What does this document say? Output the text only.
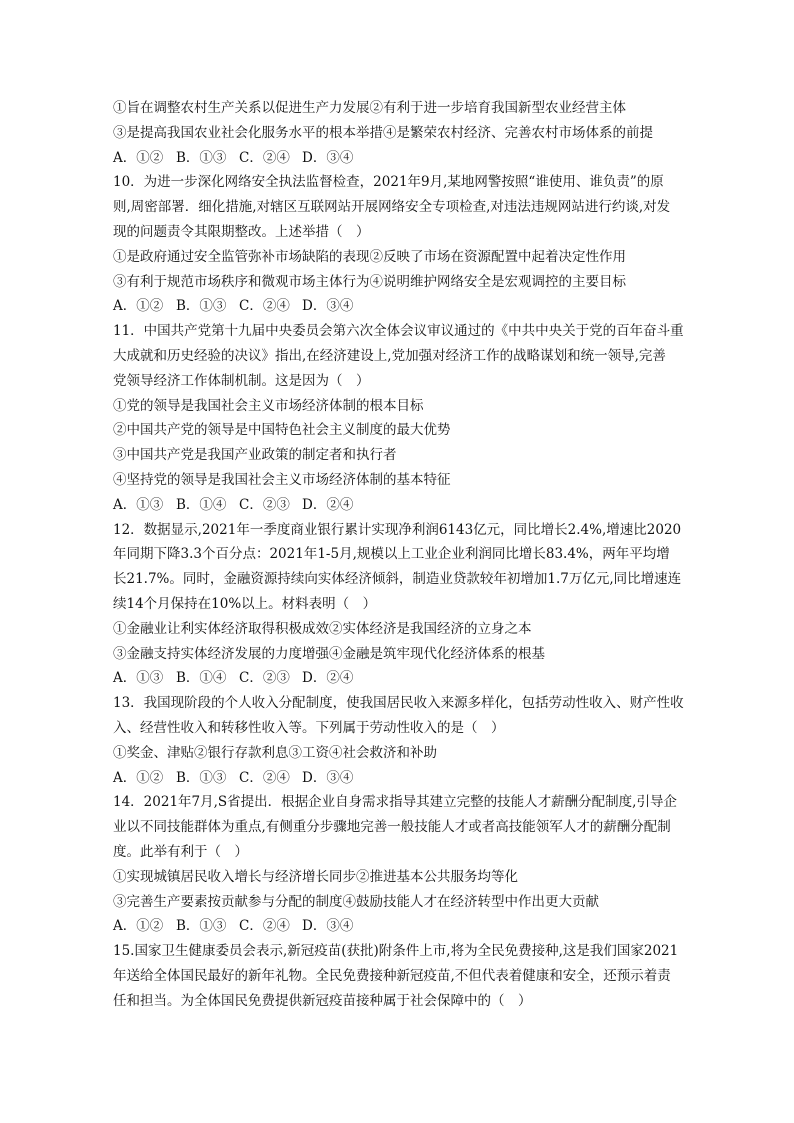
①旨在调整农村生产关系以促进生产力发展②有利于进一步培育我国新型农业经营主体
③是提高我国农业社会化服务水平的根本举措④是繁荣农村经济、完善农村市场体系的前提
A．①② B．①③ C．②④ D．③④
10．为进一步深化网络安全执法监督检查，2021年9月,某地网警按照“谁使用、谁负责”的原
则,周密部署．细化措施,对辖区互联网站开展网络安全专项检查,对违法违规网站进行约谈,对发
现的问题责令其限期整改。上述举措（　）
①是政府通过安全监管弥补市场缺陷的表现②反映了市场在资源配置中起着决定性作用
③有利于规范市场秩序和微观市场主体行为④说明维护网络安全是宏观调控的主要目标
A．①② B．①③ C．②④ D．③④
11．中国共产党第十九届中央委员会第六次全体会议审议通过的《中共中央关于党的百年奋斗重
大成就和历史经验的决议》指出,在经济建设上,党加强对经济工作的战略谋划和统一领导,完善
党领导经济工作体制机制。这是因为（　）
①党的领导是我国社会主义市场经济体制的根本目标
②中国共产党的领导是中国特色社会主义制度的最大优势
③中国共产党是我国产业政策的制定者和执行者
④坚持党的领导是我国社会主义市场经济体制的基本特征
A．①③ B．①④ C．②③ D．②④
12．数据显示,2021年一季度商业银行累计实现净利润6143亿元，同比增长2.4%,增速比2020
年同期下降3.3个百分点：2021年1-5月,规模以上工业企业利润同比增长83.4%，两年平均增
长21.7%。同时，金融资源持续向实体经济倾斜，制造业贷款较年初增加1.7万亿元,同比增速连
续14个月保持在10%以上。材料表明（　）
①金融业让利实体经济取得积极成效②实体经济是我国经济的立身之本
③金融支持实体经济发展的力度增强④金融是筑牢现代化经济体系的根基
A．①③ B．①④ C．②③ D．②④
13．我国现阶段的个人收入分配制度，使我国居民收入来源多样化，包括劳动性收入、财产性收
入、经营性收入和转移性收入等。下列属于劳动性收入的是（　）
①奖金、津贴②银行存款利息③工资④社会救济和补助
A．①② B．①③ C．②④ D．③④
14．2021年7月,S省提出．根据企业自身需求指导其建立完整的技能人才薪酬分配制度,引导企
业以不同技能群体为重点,有侧重分步骤地完善一般技能人才或者高技能领军人才的薪酬分配制
度。此举有利于（　）
①实现城镇居民收入增长与经济增长同步②推进基本公共服务均等化
③完善生产要素按贡献参与分配的制度④鼓励技能人才在经济转型中作出更大贡献
A．①② B．①③ C．②④ D．③④
15.国家卫生健康委员会表示,新冠疫苗(获批)附条件上市,将为全民免费接种,这是我们国家2021
年送给全体国民最好的新年礼物。全民免费接种新冠疫苗,不但代表着健康和安全，还预示着责
任和担当。为全体国民免费提供新冠疫苗接种属于社会保障中的（　）
